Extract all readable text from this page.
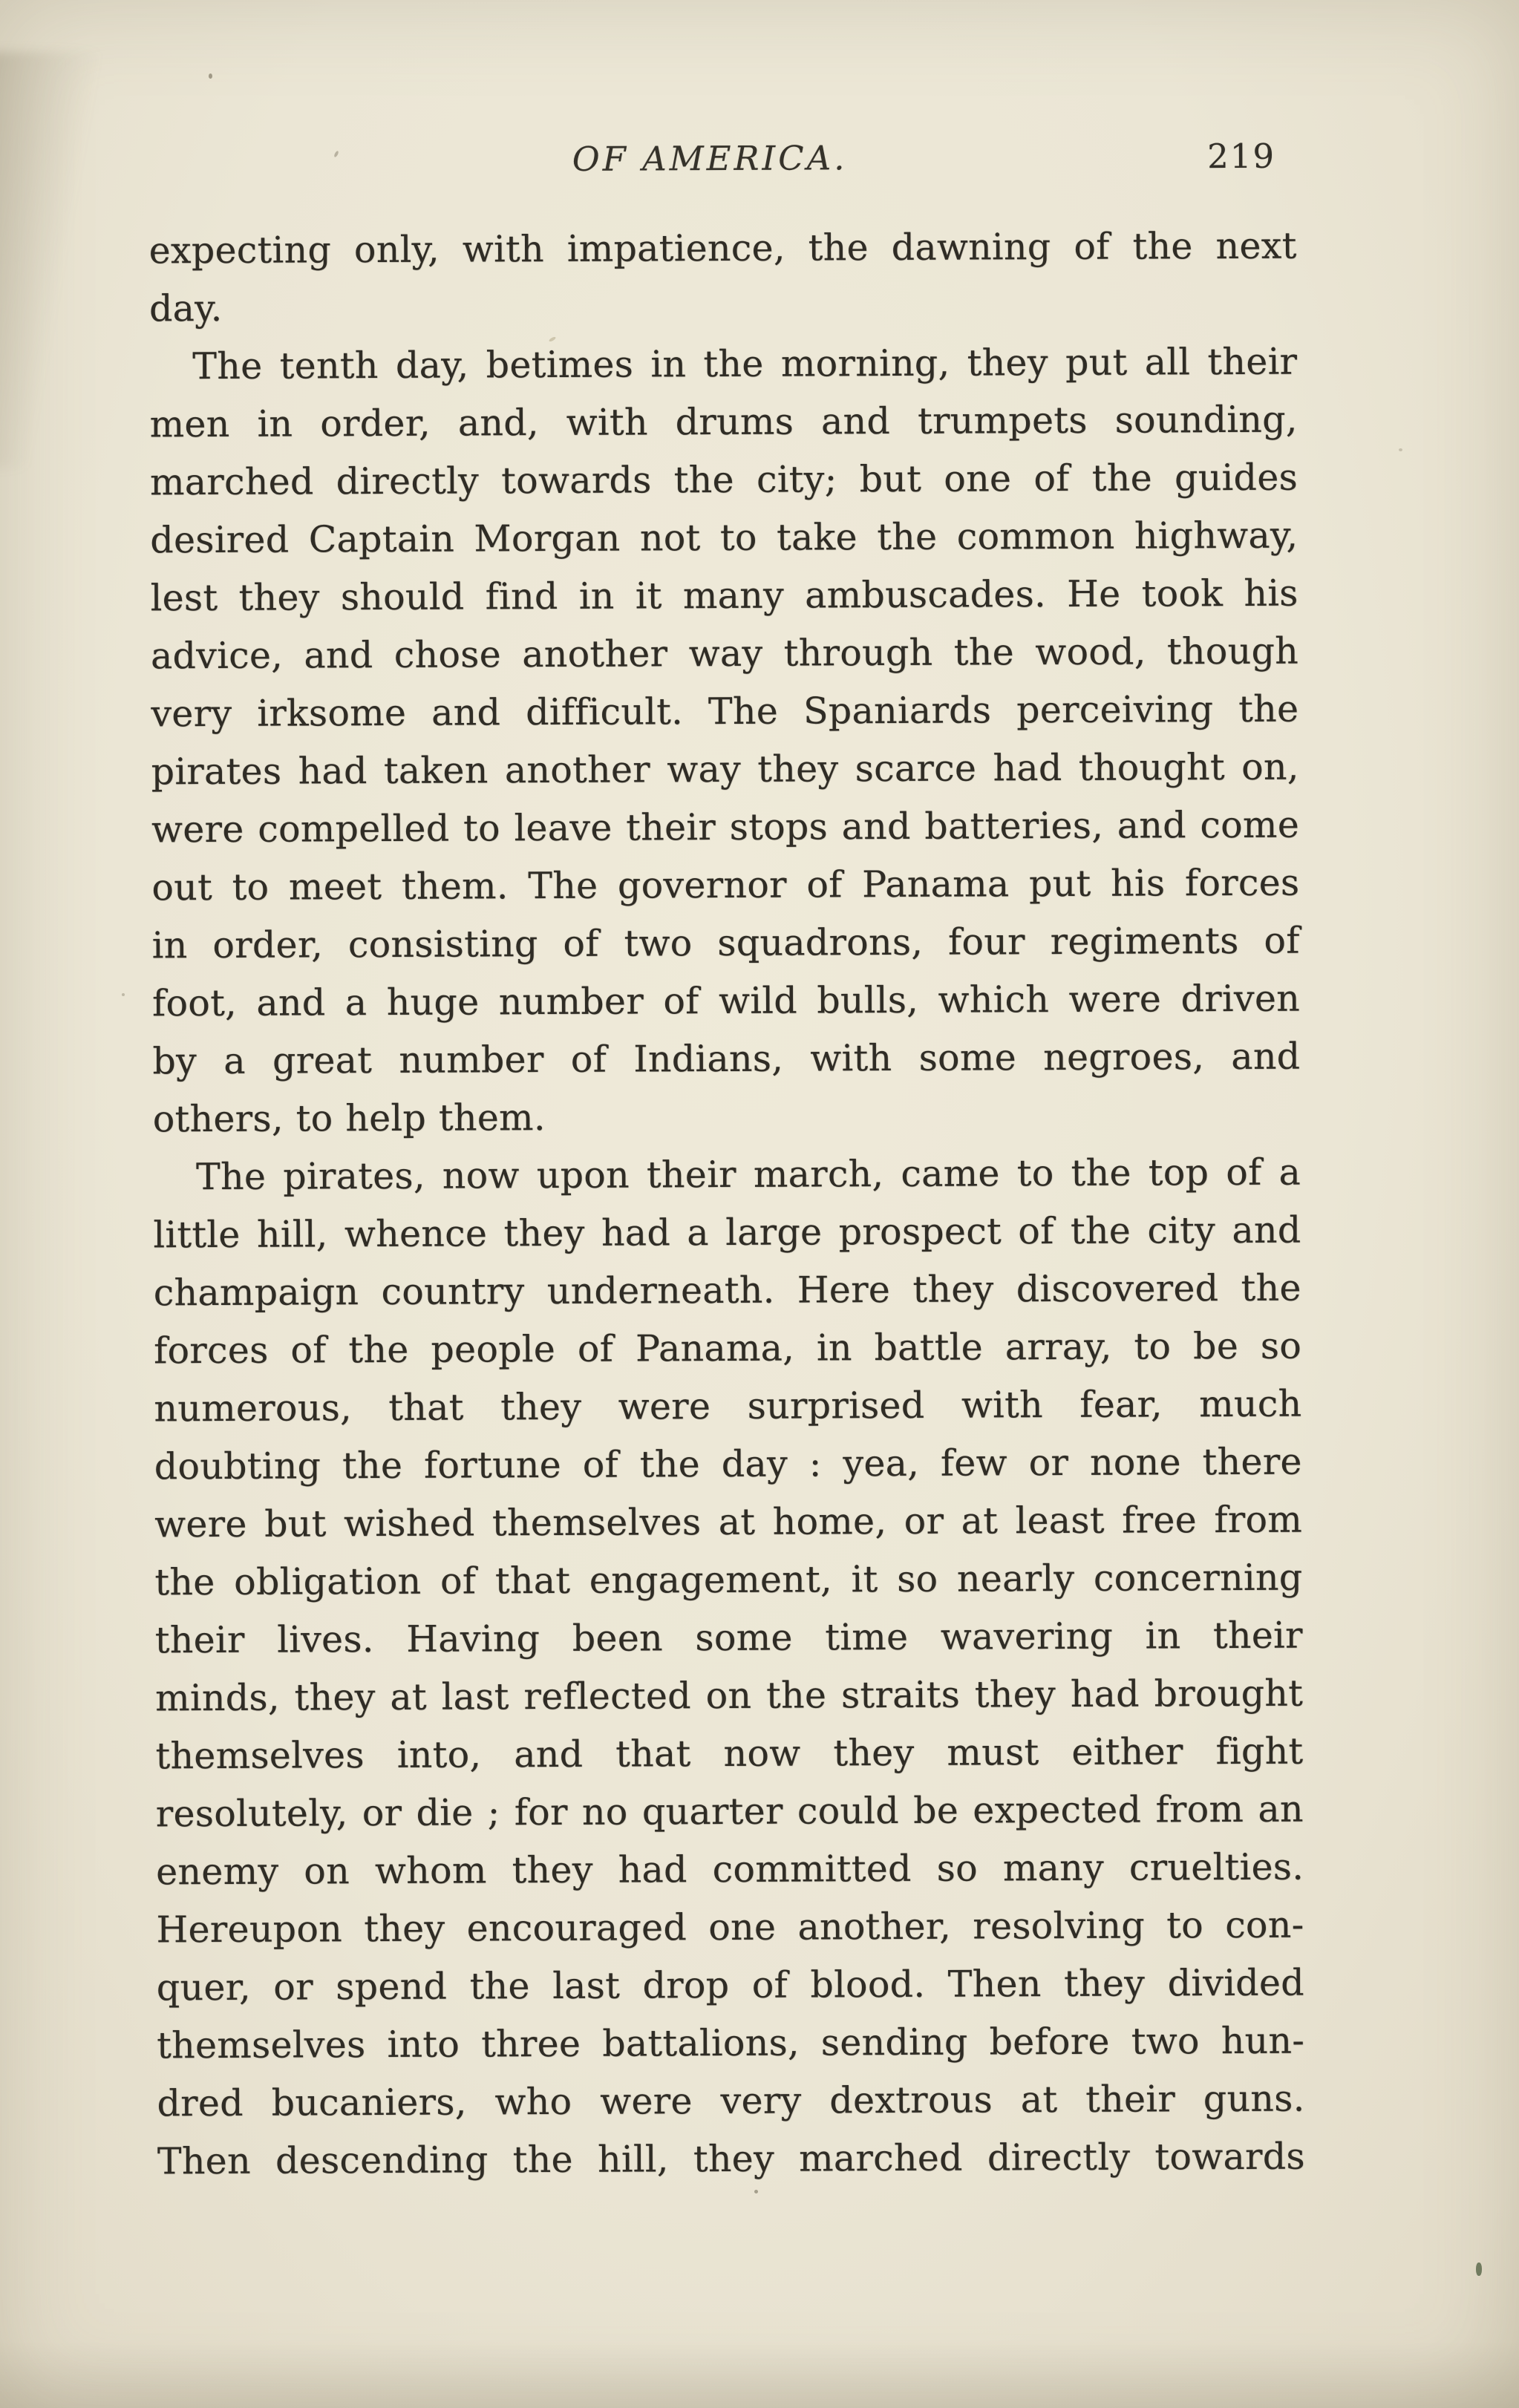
OF AMERICA.	219
expecting only, with impatience, the dawning of the next
day.
The tenth day, betimes in the morning, they put all their
men in order, and, with drums and trumpets sounding,
marched directly towards the city; but one of the guides
desired Captain Morgan not to take the common highway,
lest they should find in it many ambuscades. He took his
advice, and chose another way through the wood, though
very irksome and difficult. The Spaniards perceiving the
pirates had taken another way they scarce had thought on,
were compelled to leave their stops and batteries, and come
out to meet them. The governor of Panama put his forces
in order, consisting of two squadrons, four regiments of
foot, and a huge number of wild bulls, which were driven
by a great number of Indians, with some negroes, and
others, to help them.
The pirates, now upon their march, came to the top of a
little hill, whence they had a large prospect of the city and
champaign country underneath. Here they discovered the
forces of the people of Panama, in battle array, to be so
numerous, that they were surprised with fear, much
doubting the fortune of the day : yea, few or none there
were but wished themselves at home, or at least free from
the obligation of that engagement, it so nearly concerning
their lives. Having been some time wavering in their
minds, they at last reflected on the straits they had brought
themselves into, and that now they must either fight
resolutely, or die ; for no quarter could be expected from an
enemy on whom they had committed so many cruelties.
Hereupon they encouraged one another, resolving to con-
quer, or spend the last drop of blood. Then they divided
themselves into three battalions, sending before two hun-
dred bucaniers, who were very dextrous at their guns.
Then descending the hill, they marched directly towards
